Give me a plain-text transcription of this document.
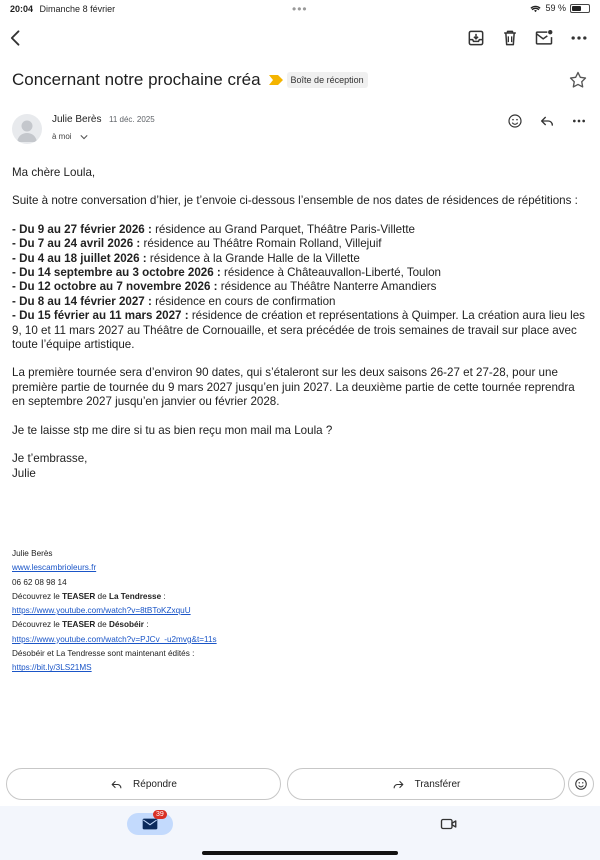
20:04 Dimanche 8 février	•••	59 %
Concernant notre prochaine créa	Boîte de réception
Julie Berès 11 déc. 2025
à moi

Ma chère Loula,

Suite à notre conversation d’hier, je t’envoie ci-dessous l’ensemble de nos dates de résidences de répétitions :

- Du 9 au 27 février 2026 : résidence au Grand Parquet, Théâtre Paris-Villette

- Du 7 au 24 avril 2026 : résidence au Théâtre Romain Rolland, Villejuif

- Du 4 au 18 juillet 2026 : résidence à la Grande Halle de la Villette

- Du 14 septembre au 3 octobre 2026 : résidence à Châteauvallon-Liberté, Toulon

- Du 12 octobre au 7 novembre 2026 : résidence au Théâtre Nanterre Amandiers

- Du 8 au 14 février 2027 : résidence en cours de confirmation

- Du 15 février au 11 mars 2027 : résidence de création et représentations à Quimper. La création aura lieu les 9, 10 et 11 mars 2027 au Théâtre de Cornouaille, et sera précédée de trois semaines de travail sur place avec toute l’équipe artistique.

La première tournée sera d’environ 90 dates, qui s’étaleront sur les deux saisons 26-27 et 27-28, pour une première partie de tournée du 9 mars 2027 jusqu’en juin 2027. La deuxième partie de cette tournée reprendra en septembre 2027 jusqu’en janvier ou février 2028.

Je te laisse stp me dire si tu as bien reçu mon mail ma Loula ?

Je t’embrasse,

Julie

Julie Berès
www.lescambrioleurs.fr
06 62 08 98 14
Découvrez le TEASER de La Tendresse :
https://www.youtube.com/watch?v=8tBToKZxquU
Découvrez le TEASER de Désobéir :
https://www.youtube.com/watch?v=PJCv_-u2mvg&t=11s
Désobéir et La Tendresse sont maintenant édités :
https://bit.ly/3LS21MS
Répondre	Transférer
39
